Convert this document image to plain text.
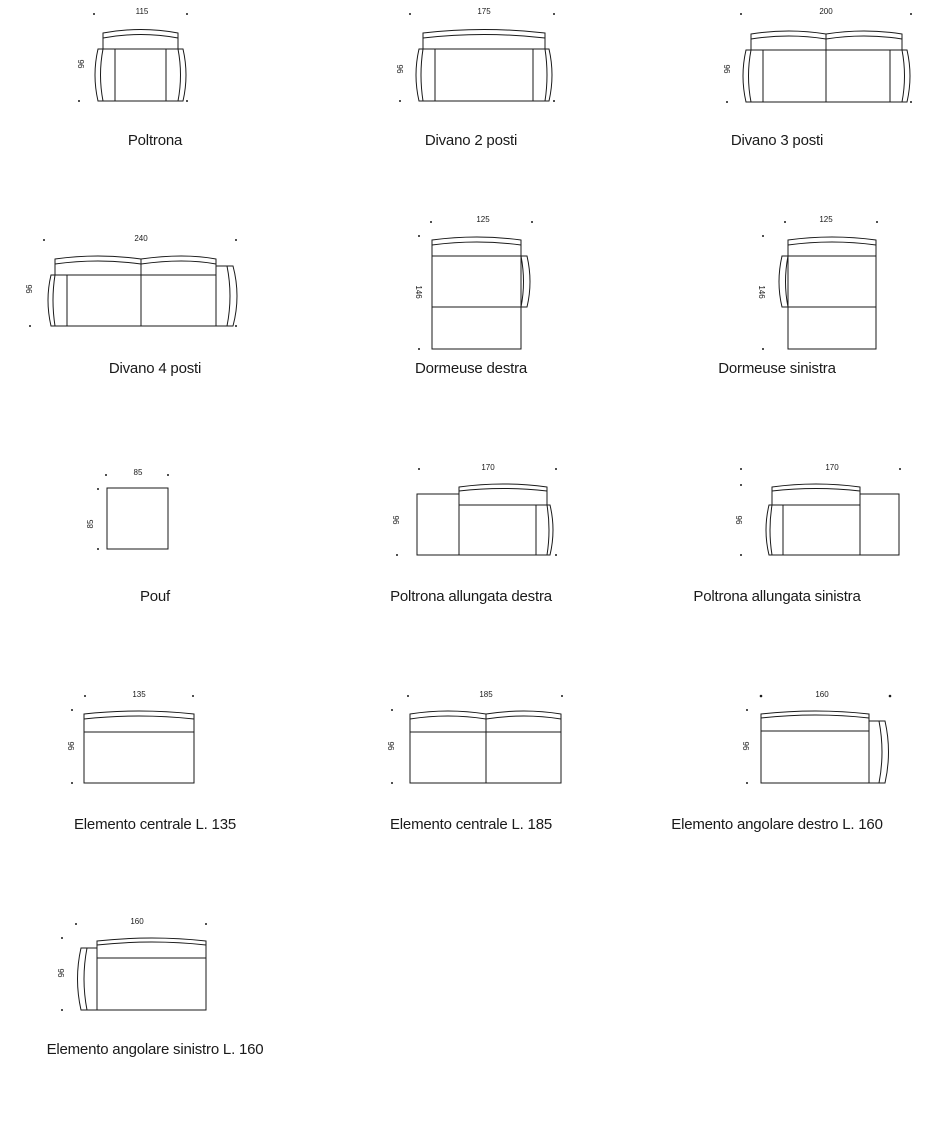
115
96
Poltrona
175
96
Divano 2 posti
200
96
Divano 3 posti
240
96
Divano 4 posti
125
146
Dormeuse destra
125
146
Dormeuse sinistra
85
85
Pouf
170
96
Poltrona allungata destra
170
96
Poltrona allungata sinistra
135
96
Elemento centrale L. 135
185
96
Elemento centrale L. 185
160
96
Elemento angolare destro L. 160
160
96
Elemento angolare sinistro L. 160
